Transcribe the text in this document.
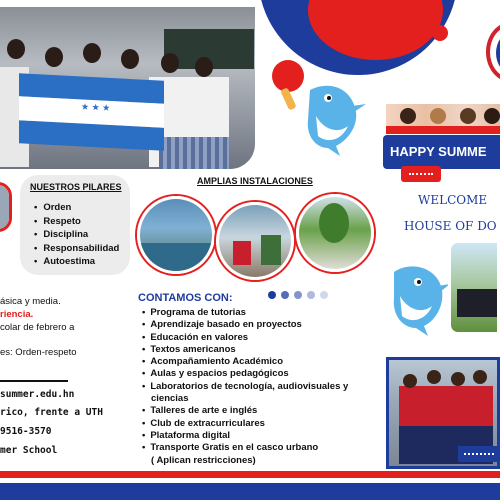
★ ★ ★
HAPPY SUMME
WELCOME
HOUSE OF DO
• Orden
• Respeto
• Disciplina
• Responsabilidad
• Autoestima
NUESTROS PILARES
AMPLIAS INSTALACIONES
ásica y media.
riencia.
colar de febrero a
es: Orden-respeto
summer.edu.hn
rico, frente a UTH
9516-3570
mer School
CONTAMOS CON:
• Programa de tutorias
• Aprendizaje basado en proyectos
• Educación en valores
• Textos americanos
• Acompañamiento Académico
• Aulas y espacios pedagógicos
• Laboratorios de tecnología, audiovisuales y
ciencias
• Talleres de arte e inglés
• Club de extracurriculares
• Plataforma digital
• Transporte Gratis en el casco urbano
( Aplican restricciones)
